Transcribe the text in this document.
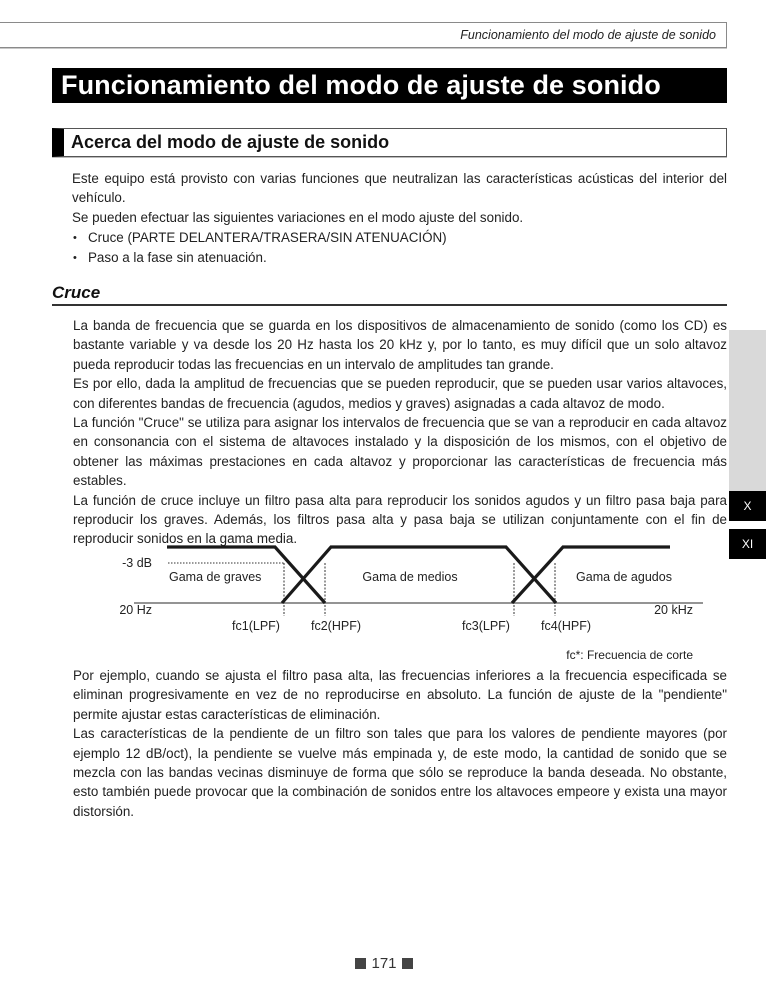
Funcionamiento del modo de ajuste de sonido
Funcionamiento del modo de ajuste de sonido
Acerca del modo de ajuste de sonido

Este equipo está provisto con varias funciones que neutralizan las características acústicas del interior del vehículo.

Se pueden efectuar las siguientes variaciones en el modo ajuste del sonido.

• Cruce (PARTE DELANTERA/TRASERA/SIN ATENUACIÓN)
• Paso a la fase sin atenuación.
Cruce

La banda de frecuencia que se guarda en los dispositivos de almacenamiento de sonido (como los CD) es bastante variable y va desde los 20 Hz hasta los 20 kHz y, por lo tanto, es muy difícil que un solo altavoz pueda reproducir todas las frecuencias en un intervalo de amplitudes tan grande.

Es por ello, dada la amplitud de frecuencias que se pueden reproducir, que se pueden usar varios altavoces, con diferentes bandas de frecuencia (agudos, medios y graves) asignadas a cada altavoz de modo.

La función "Cruce" se utiliza para asignar los intervalos de frecuencia que se van a reproducir en cada altavoz en consonancia con el sistema de altavoces instalado y la disposición de los mismos, con el objetivo de obtener las máximas prestaciones en cada altavoz y proporcionar las características de frecuencia más estables.

La función de cruce incluye un filtro pasa alta para reproducir los sonidos agudos y un filtro pasa baja para reproducir los graves. Además, los filtros pasa alta y pasa baja se utilizan conjuntamente con el fin de reproducir sonidos en la gama media.

-3 dB
20 Hz	20 kHz
Gama de graves	Gama de medios	Gama de agudos
fc1(LPF) fc2(HPF)	fc3(LPF) fc4(HPF)
fc*: Frecuencia de corte

Por ejemplo, cuando se ajusta el filtro pasa alta, las frecuencias inferiores a la frecuencia especificada se eliminan progresivamente en vez de no reproducirse en absoluto. La función de ajuste de la "pendiente" permite ajustar estas características de eliminación.

Las características de la pendiente de un filtro son tales que para los valores de pendiente mayores (por ejemplo 12 dB/oct), la pendiente se vuelve más empinada y, de este modo, la cantidad de sonido que se mezcla con las bandas vecinas disminuye de forma que sólo se reproduce la banda deseada. No obstante, esto también puede provocar que la combinación de sonidos entre los altavoces empeore y exista una mayor distorsión.

X
XI
171
